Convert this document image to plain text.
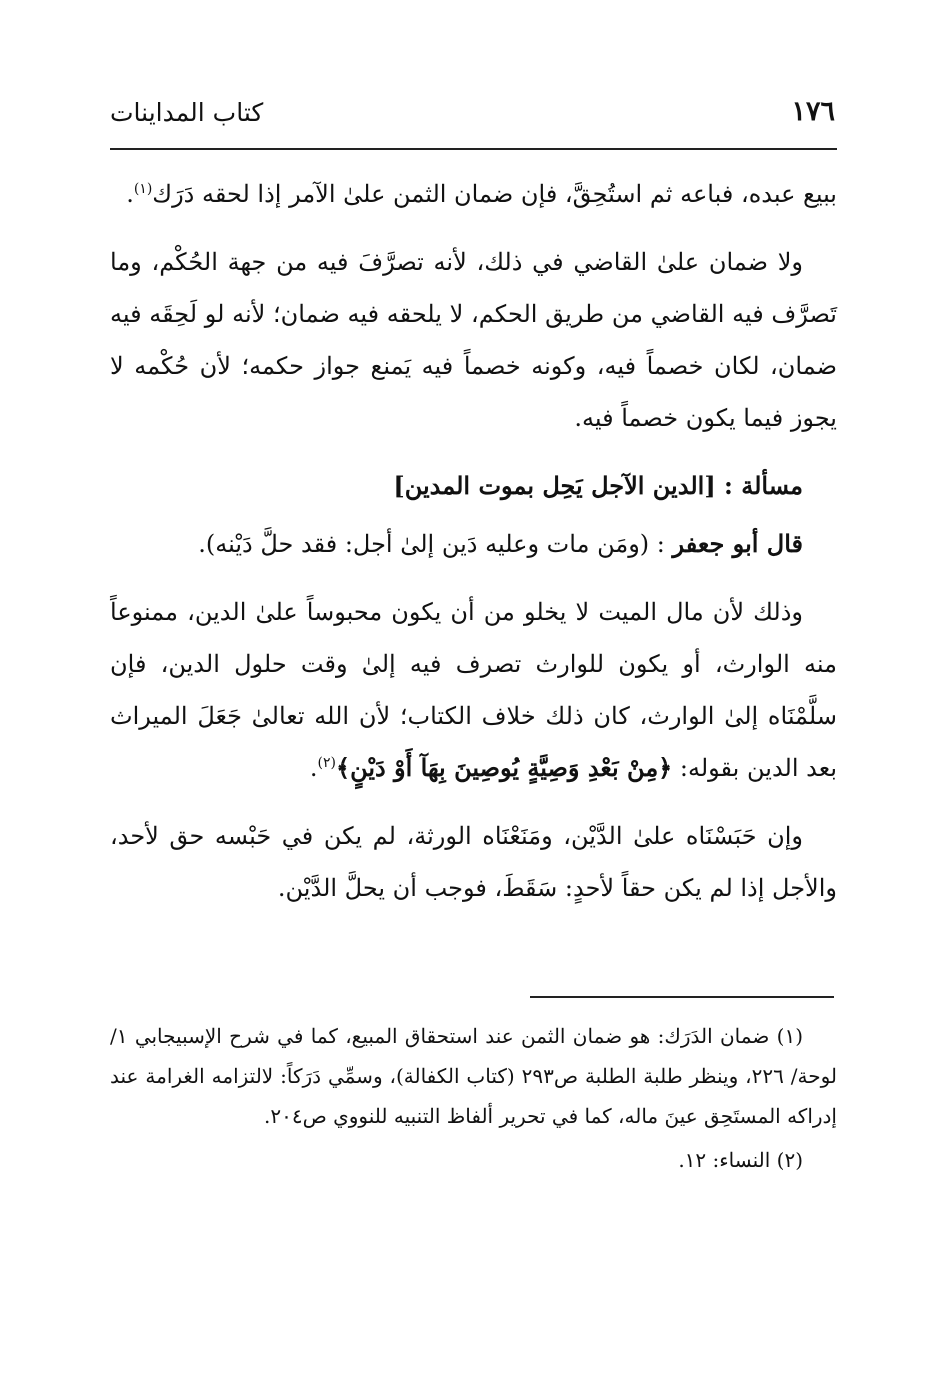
كتاب المداينات	١٧٦

ببيع عبده، فباعه ثم استُحِقَّ، فإن ضمان الثمن علىٰ الآمر إذا لحقه دَرَك$^{(١)}$.

ولا ضمان علىٰ القاضي في ذلك، لأنه تصرَّفَ فيه من جهة الحُكْم، وما تَصرَّف فيه القاضي من طريق الحكم، لا يلحقه فيه ضمان؛ لأنه لو لَحِقَه فيه ضمان، لكان خصماً فيه، وكونه خصماً فيه يَمنع جواز حكمه؛ لأن حُكْمه لا يجوز فيما يكون خصماً فيه.

مسألة : [الدين الآجل يَحِل بموت المدين]

قال أبو جعفر : (ومَن مات وعليه دَين إلىٰ أجل: فقد حلَّ دَيْنه).

وذلك لأن مال الميت لا يخلو من أن يكون محبوساً علىٰ الدين، ممنوعاً منه الوارث، أو يكون للوارث تصرف فيه إلىٰ وقت حلول الدين، فإن سلَّمْنَاه إلىٰ الوارث، كان ذلك خلاف الكتاب؛ لأن الله تعالىٰ جَعَلَ الميراث بعد الدين بقوله: ﴿مِنْ بَعْدِ وَصِيَّةٍ يُوصِينَ بِهَآ أَوْ دَيْنٍ﴾$^{(٢)}$.

وإن حَبَسْنَاه علىٰ الدَّيْن، ومَنَعْنَاه الورثة، لم يكن في حَبْسه حق لأحد، والأجل إذا لم يكن حقاً لأحدٍ: سَقَطَ، فوجب أن يحلَّ الدَّيْن.

(١) ضمان الدَرَك: هو ضمان الثمن عند استحقاق المبيع، كما في شرح الإسبيجابي ١/ لوحة/ ٢٢٦، وينظر طلبة الطلبة ص٢٩٣ (كتاب الكفالة)، وسمِّي دَرَكاً: لالتزامه الغرامة عند إدراكه المستَحِق عينَ ماله، كما في تحرير ألفاظ التنبيه للنووي ص٢٠٤.

(٢) النساء: ١٢.
